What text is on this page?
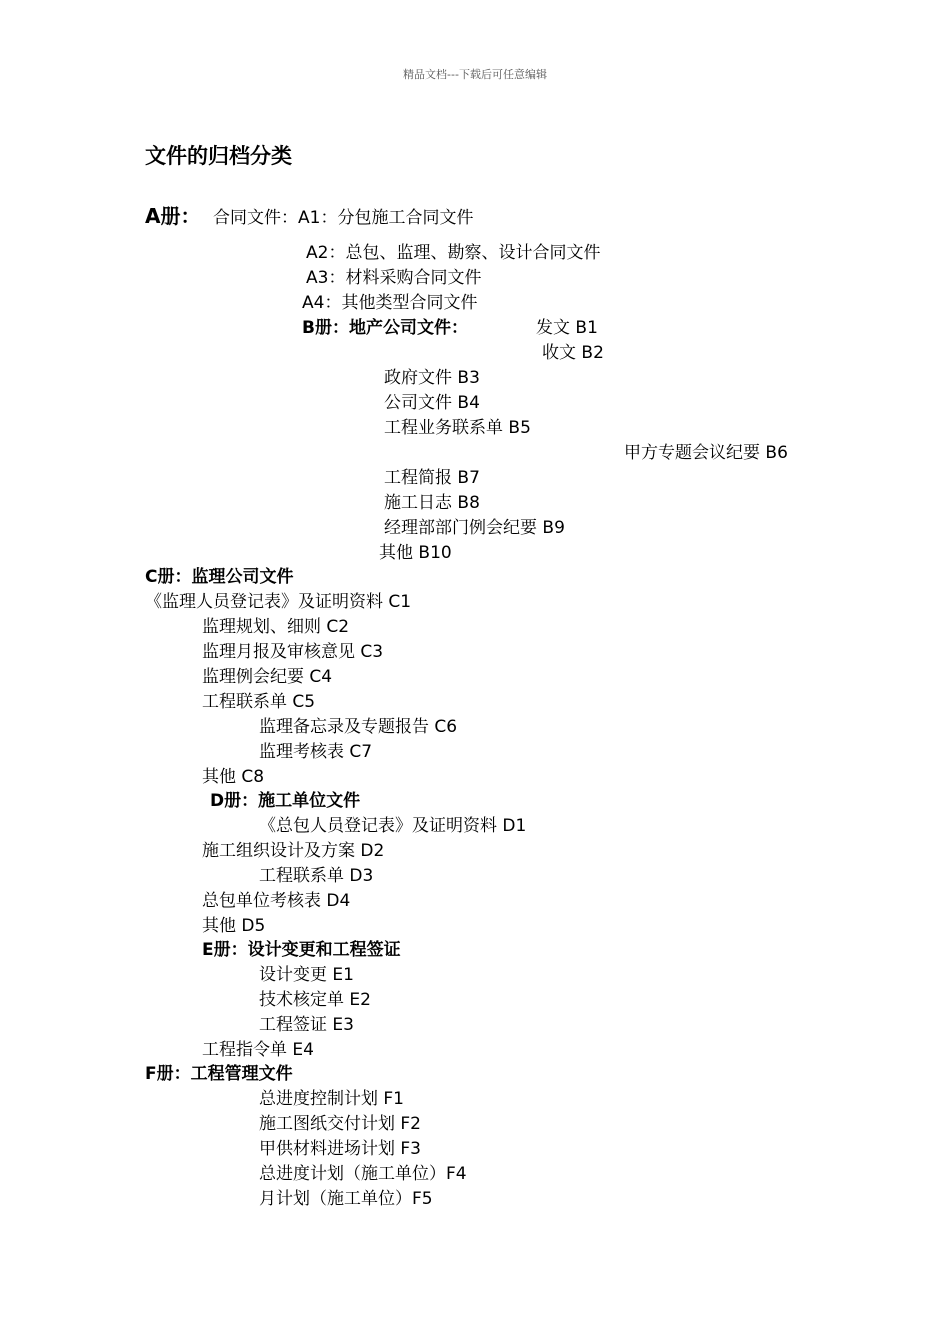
精品文档---下载后可任意编辑
文件的归档分类
A册： 合同文件：A1：分包施工合同文件
A2：总包、监理、勘察、设计合同文件
A3：材料采购合同文件
A4：其他类型合同文件
B册：地产公司文件：	发文 B1
收文 B2
政府文件 B3
公司文件 B4
工程业务联系单 B5
甲方专题会议纪要 B6
工程简报 B7
施工日志 B8
经理部部门例会纪要 B9
其他 B10
C册：监理公司文件
《监理人员登记表》及证明资料 C1
监理规划、细则 C2
监理月报及审核意见 C3
监理例会纪要 C4
工程联系单 C5
监理备忘录及专题报告 C6
监理考核表 C7
其他 C8
D册：施工单位文件
《总包人员登记表》及证明资料 D1
施工组织设计及方案 D2
工程联系单 D3
总包单位考核表 D4
其他 D5
E册：设计变更和工程签证
设计变更 E1
技术核定单 E2
工程签证 E3
工程指令单 E4
F册：工程管理文件
总进度控制计划 F1
施工图纸交付计划 F2
甲供材料进场计划 F3
总进度计划（施工单位）F4
月计划（施工单位）F5
